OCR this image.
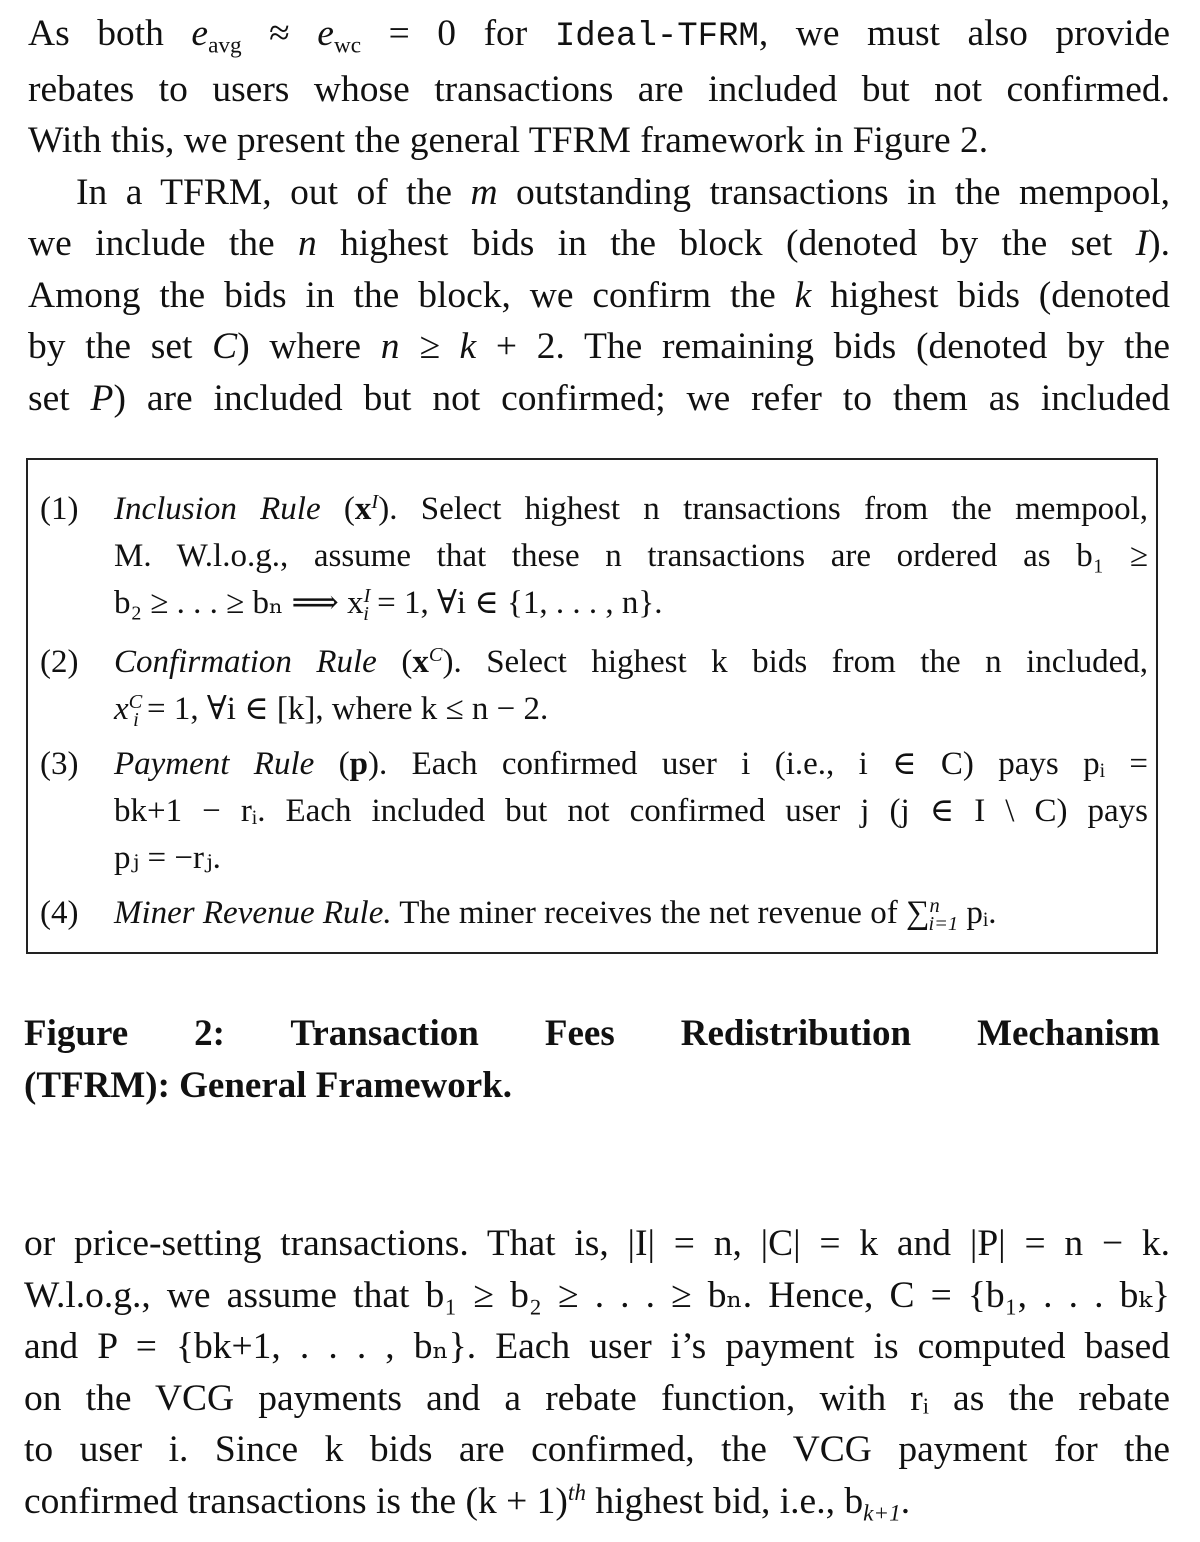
As both $e_{avg} \approx e_{wc} = 0$ for Ideal-TFRM, we must also provide
rebates to users whose transactions are included but not confirmed.
With this, we present the general TFRM framework in Figure 2.
In a TFRM, out of the m outstanding transactions in the mempool,
we include the n highest bids in the block (denoted by the set I).
Among the bids in the block, we confirm the k highest bids (denoted
by the set C) where n ≥ k + 2. The remaining bids (denoted by the
set P) are included but not confirmed; we refer to them as included
(1) Inclusion Rule $(x^I)$. Select highest n transactions from the mempool,
M. W.l.o.g., assume that these n transactions are ordered as b₁ ≥
b₂ ≥ . . . ≥ bₙ ⟹ $x^I_i = 1$, ∀i ∈ {1, . . . , n}.
(2) Confirmation Rule $(x^C)$. Select highest k bids from the n included,
$x^C_i = 1$, ∀i ∈ [k], where k ≤ n − 2.
(3) Payment Rule (p). Each confirmed user i (i.e., i ∈ C) pays pᵢ =
bk+1 − rᵢ. Each included but not confirmed user j (j ∈ I \ C) pays
pⱼ = −rⱼ.
(4) Miner Revenue Rule. The miner receives the net revenue of ∑$^n_{i=1}$ pᵢ.
Figure 2: Transaction Fees Redistribution Mechanism
(TFRM): General Framework.
or price-setting transactions. That is, |I| = n, |C| = k and |P| = n − k.
W.l.o.g., we assume that b₁ ≥ b₂ ≥ . . . ≥ bₙ. Hence, C = {b₁, . . . bₖ}
and P = {bk+1, . . . , bₙ}. Each user i’s payment is computed based
on the VCG payments and a rebate function, with rᵢ as the rebate
to user i. Since k bids are confirmed, the VCG payment for the
confirmed transactions is the $(k + 1)^{th}$ highest bid, i.e., $b_{k+1}$.
